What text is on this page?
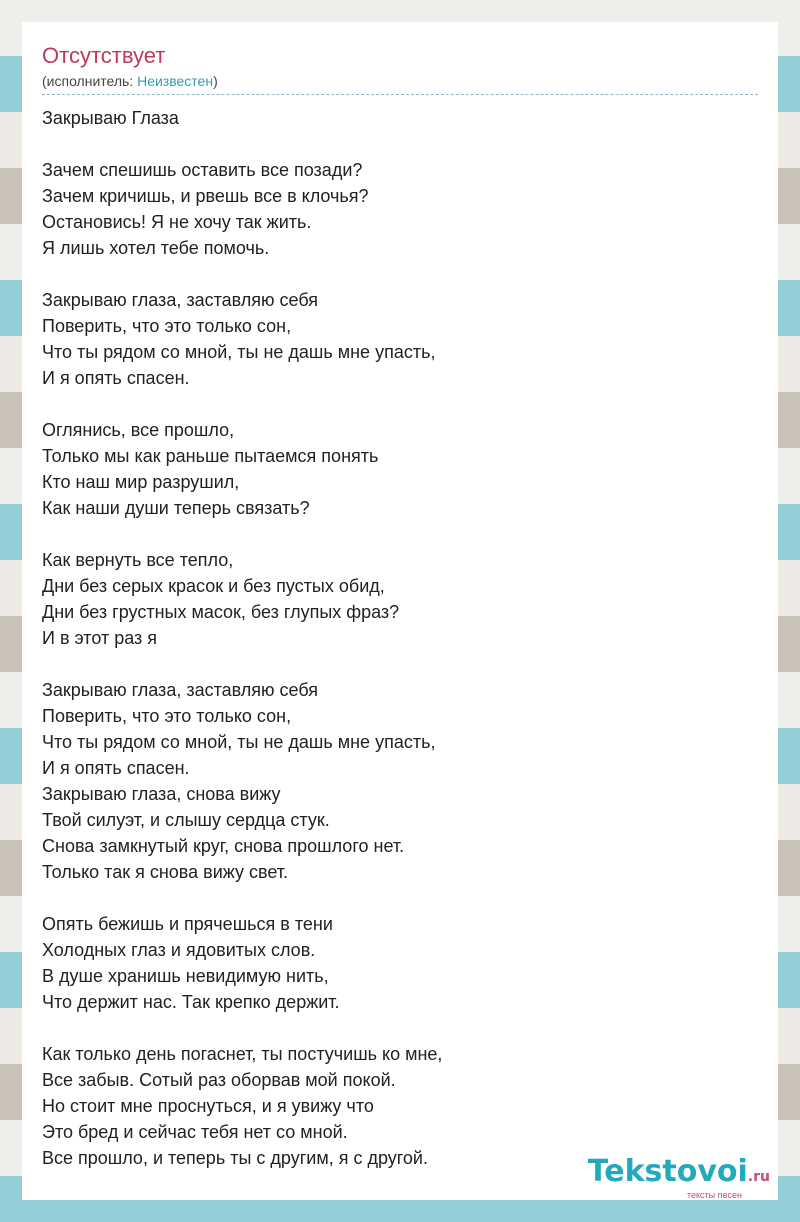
Отсутствует
(исполнитель: Неизвестен)
Закрываю Глаза
Зачем спешишь оставить все позади?
Зачем кричишь, и рвешь все в клочья?
Остановись! Я не хочу так жить.
Я лишь хотел тебе помочь.
Закрываю глаза, заставляю себя
Поверить, что это только сон,
Что ты рядом со мной, ты не дашь мне упасть,
И я опять спасен.
Оглянись, все прошло,
Только мы как раньше пытаемся понять
Кто наш мир разрушил,
Как наши души теперь связать?
Как вернуть все тепло,
Дни без серых красок и без пустых обид,
Дни без грустных масок, без глупых фраз?
И в этот раз я
Закрываю глаза, заставляю себя
Поверить, что это только сон,
Что ты рядом со мной, ты не дашь мне упасть,
И я опять спасен.
Закрываю глаза, снова вижу
Твой силуэт, и слышу сердца стук.
Снова замкнутый круг, снова прошлого нет.
Только так я снова вижу свет.
Опять бежишь и прячешься в тени
Холодных глаз и ядовитых слов.
В душе хранишь невидимую нить,
Что держит нас. Так крепко держит.
Как только день погаснет, ты постучишь ко мне,
Все забыв. Сотый раз оборвав мой покой.
Но стоит мне проснуться, и я увижу что
Это бред и сейчас тебя нет со мной.
Все прошло, и теперь ты с другим, я с другой.	Tekstovoi.ru
тексты песен
